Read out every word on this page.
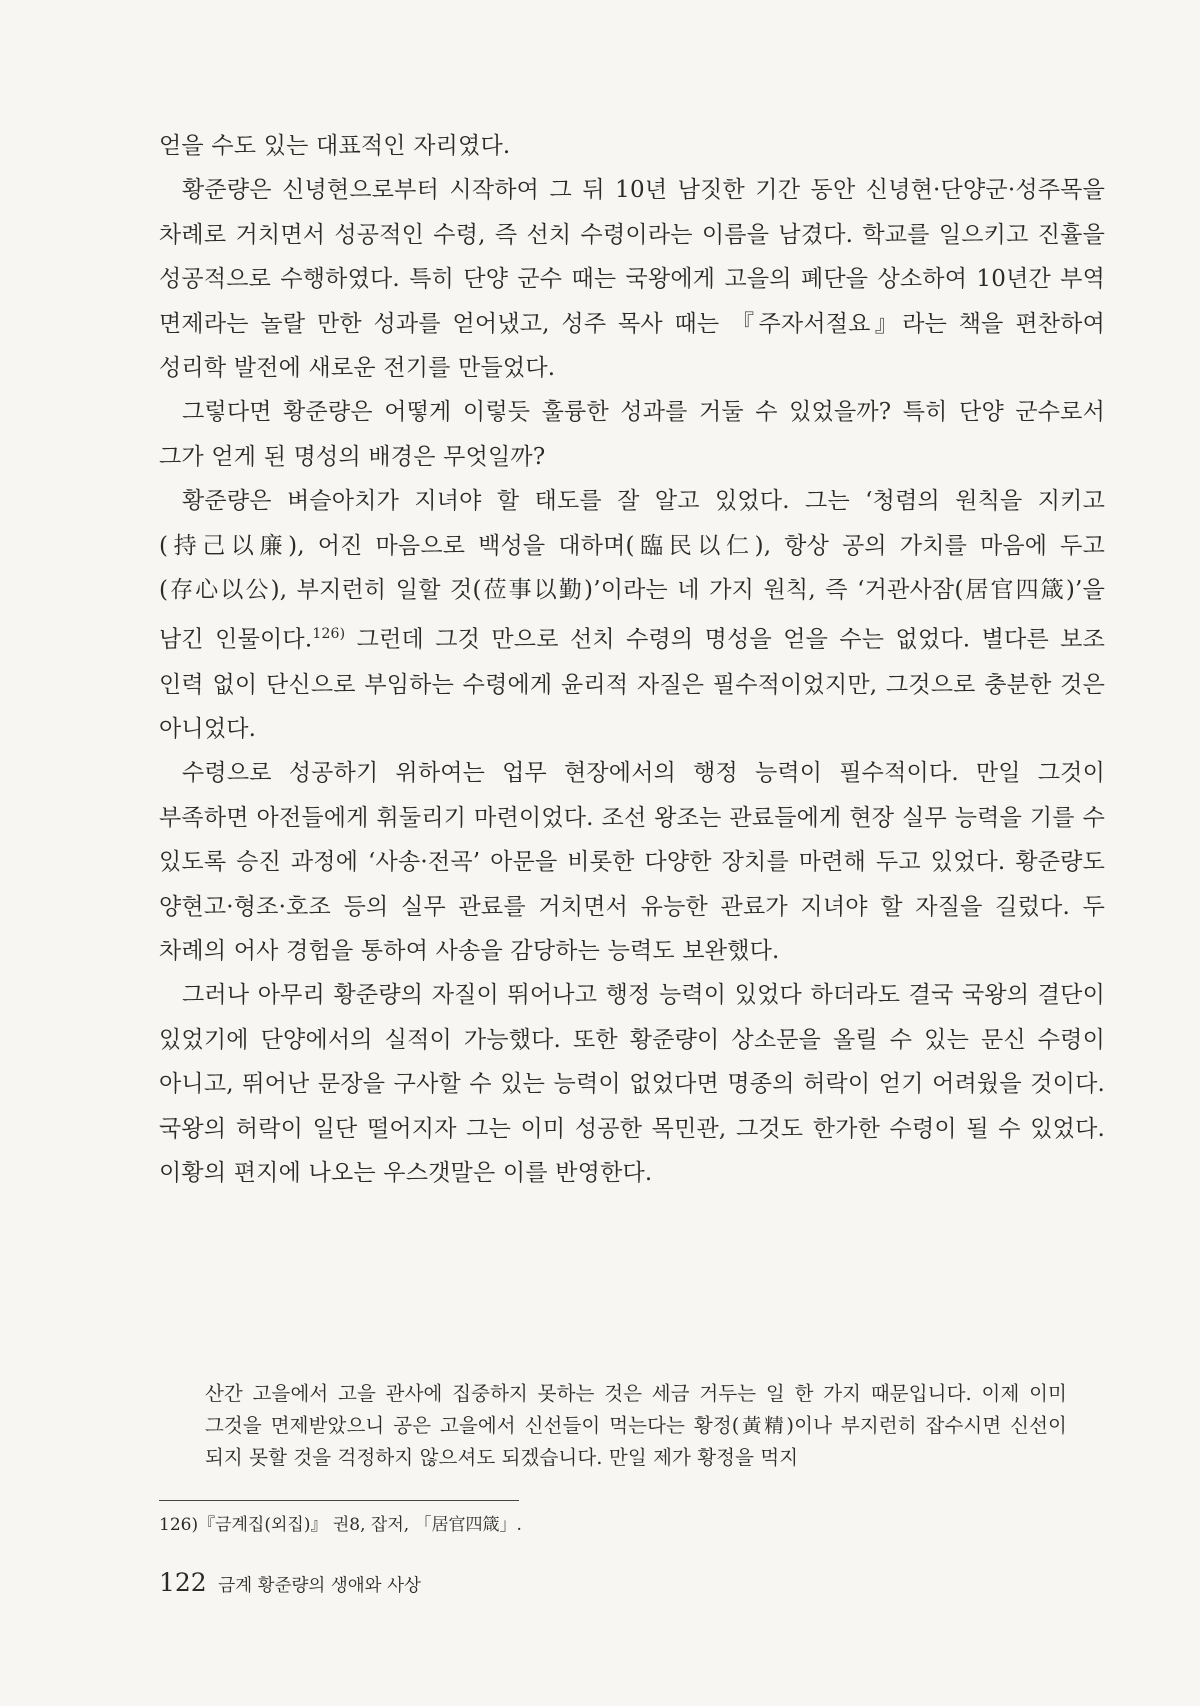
얻을 수도 있는 대표적인 자리였다.

황준량은 신녕현으로부터 시작하여 그 뒤 10년 남짓한 기간 동안 신녕현·단양군·성주목을 차례로 거치면서 성공적인 수령, 즉 선치 수령이라는 이름을 남겼다. 학교를 일으키고 진휼을 성공적으로 수행하였다. 특히 단양 군수 때는 국왕에게 고을의 폐단을 상소하여 10년간 부역 면제라는 놀랄 만한 성과를 얻어냈고, 성주 목사 때는 『주자서절요』라는 책을 편찬하여 성리학 발전에 새로운 전기를 만들었다.

그렇다면 황준량은 어떻게 이렇듯 훌륭한 성과를 거둘 수 있었을까? 특히 단양 군수로서 그가 얻게 된 명성의 배경은 무엇일까?

황준량은 벼슬아치가 지녀야 할 태도를 잘 알고 있었다. 그는 ‘청렴의 원칙을 지키고(持己以廉), 어진 마음으로 백성을 대하며(臨民以仁), 항상 공의 가치를 마음에 두고(存心以公), 부지런히 일할 것(莅事以勤)’이라는 네 가지 원칙, 즉 ‘거관사잠(居官四箴)’을 남긴 인물이다.$^{126)}$ 그런데 그것 만으로 선치 수령의 명성을 얻을 수는 없었다. 별다른 보조 인력 없이 단신으로 부임하는 수령에게 윤리적 자질은 필수적이었지만, 그것으로 충분한 것은 아니었다.

수령으로 성공하기 위하여는 업무 현장에서의 행정 능력이 필수적이다. 만일 그것이 부족하면 아전들에게 휘둘리기 마련이었다. 조선 왕조는 관료들에게 현장 실무 능력을 기를 수 있도록 승진 과정에 ‘사송·전곡’ 아문을 비롯한 다양한 장치를 마련해 두고 있었다. 황준량도 양현고·형조·호조 등의 실무 관료를 거치면서 유능한 관료가 지녀야 할 자질을 길렀다. 두 차례의 어사 경험을 통하여 사송을 감당하는 능력도 보완했다.

그러나 아무리 황준량의 자질이 뛰어나고 행정 능력이 있었다 하더라도 결국 국왕의 결단이 있었기에 단양에서의 실적이 가능했다. 또한 황준량이 상소문을 올릴 수 있는 문신 수령이 아니고, 뛰어난 문장을 구사할 수 있는 능력이 없었다면 명종의 허락이 얻기 어려웠을 것이다. 국왕의 허락이 일단 떨어지자 그는 이미 성공한 목민관, 그것도 한가한 수령이 될 수 있었다. 이황의 편지에 나오는 우스갯말은 이를 반영한다.

산간 고을에서 고을 관사에 집중하지 못하는 것은 세금 거두는 일 한 가지 때문입니다. 이제 이미 그것을 면제받았으니 공은 고을에서 신선들이 먹는다는 황정(黃精)이나 부지런히 잡수시면 신선이 되지 못할 것을 걱정하지 않으셔도 되겠습니다. 만일 제가 황정을 먹지

126)『금계집(외집)』 권8, 잡저, 「居官四箴」.

122 금계 황준량의 생애와 사상
